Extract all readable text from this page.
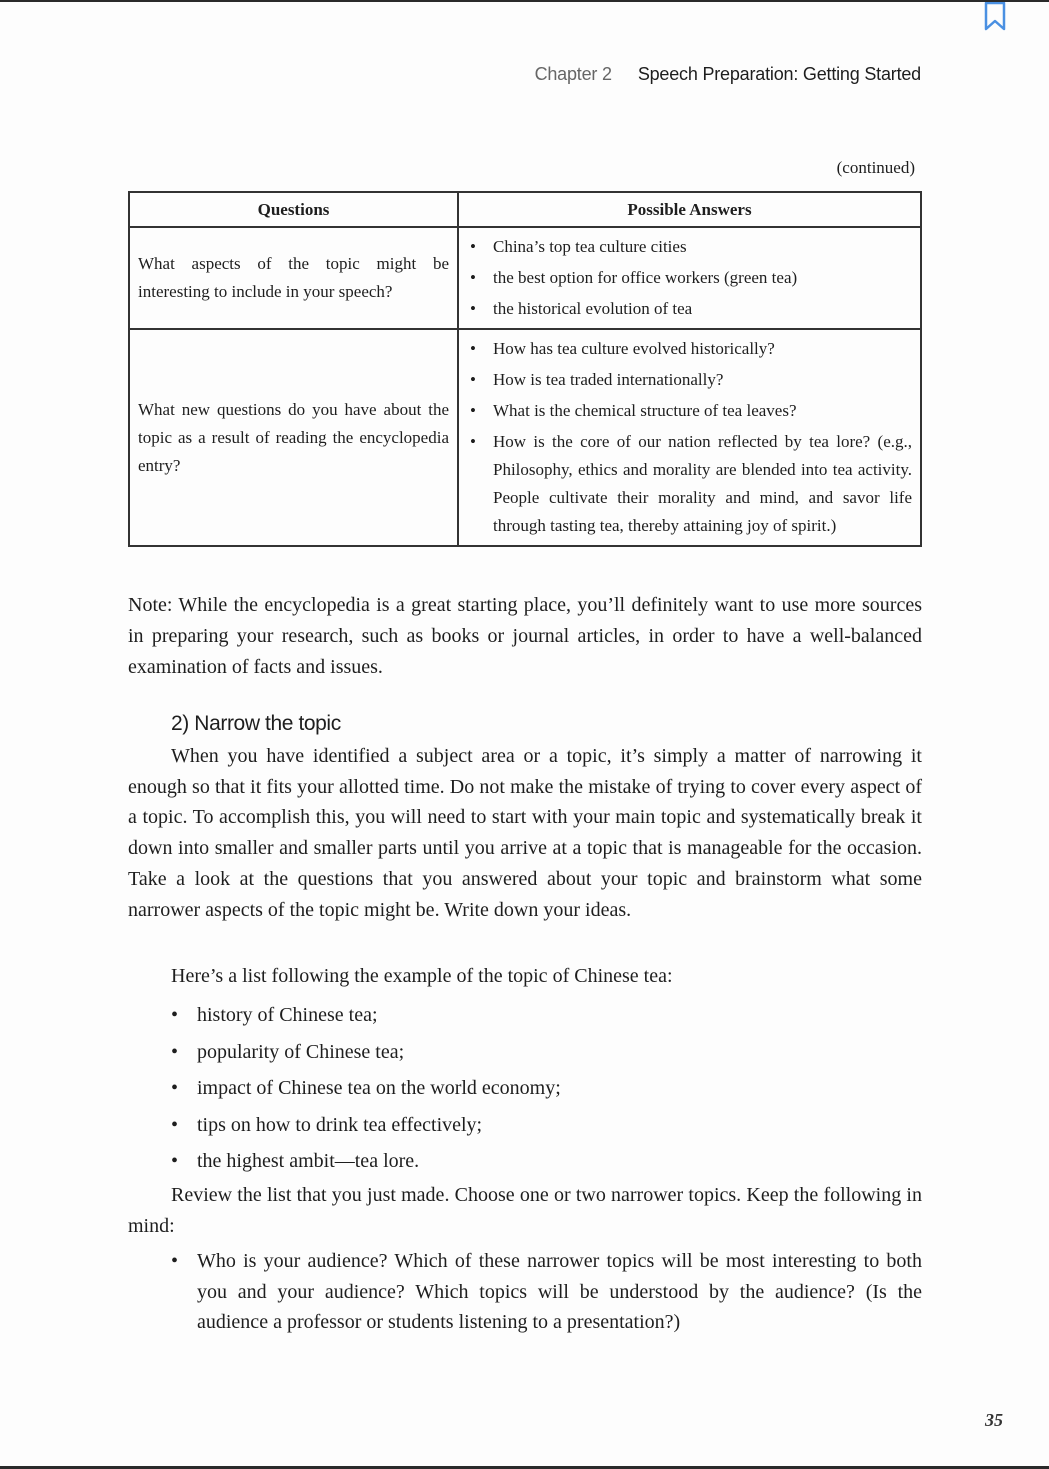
Chapter 2 Speech Preparation: Getting Started
(continued)
Questions	Possible Answers
What aspects of the topic might be interesting to include in your speech?	
• China’s top tea culture cities
• the best option for office workers (green tea)
• the historical evolution of tea

What new questions do you have about the topic as a result of reading the encyclopedia entry?	
• How has tea culture evolved historically?
• How is tea traded internationally?
• What is the chemical structure of tea leaves?
• How is the core of our nation reflected by tea lore? (e.g., Philosophy, ethics and morality are blended into tea activity. People cultivate their morality and mind, and savor life through tasting tea, thereby attaining joy of spirit.)
Note: While the encyclopedia is a great starting place, you’ll definitely want to use more sources in preparing your research, such as books or journal articles, in order to have a well-balanced examination of facts and issues.
2) Narrow the topic

When you have identified a subject area or a topic, it’s simply a matter of narrowing it enough so that it fits your allotted time. Do not make the mistake of trying to cover every aspect of a topic. To accomplish this, you will need to start with your main topic and systematically break it down into smaller and smaller parts until you arrive at a topic that is manageable for the occasion. Take a look at the questions that you answered about your topic and brainstorm what some narrower aspects of the topic might be. Write down your ideas.

Here’s a list following the example of the topic of Chinese tea:

• history of Chinese tea;
• popularity of Chinese tea;
• impact of Chinese tea on the world economy;
• tips on how to drink tea effectively;
• the highest ambit—tea lore.

Review the list that you just made. Choose one or two narrower topics. Keep the following in mind:

• Who is your audience? Which of these narrower topics will be most interesting to both you and your audience? Which topics will be understood by the audience? (Is the audience a professor or students listening to a presentation?)
35
